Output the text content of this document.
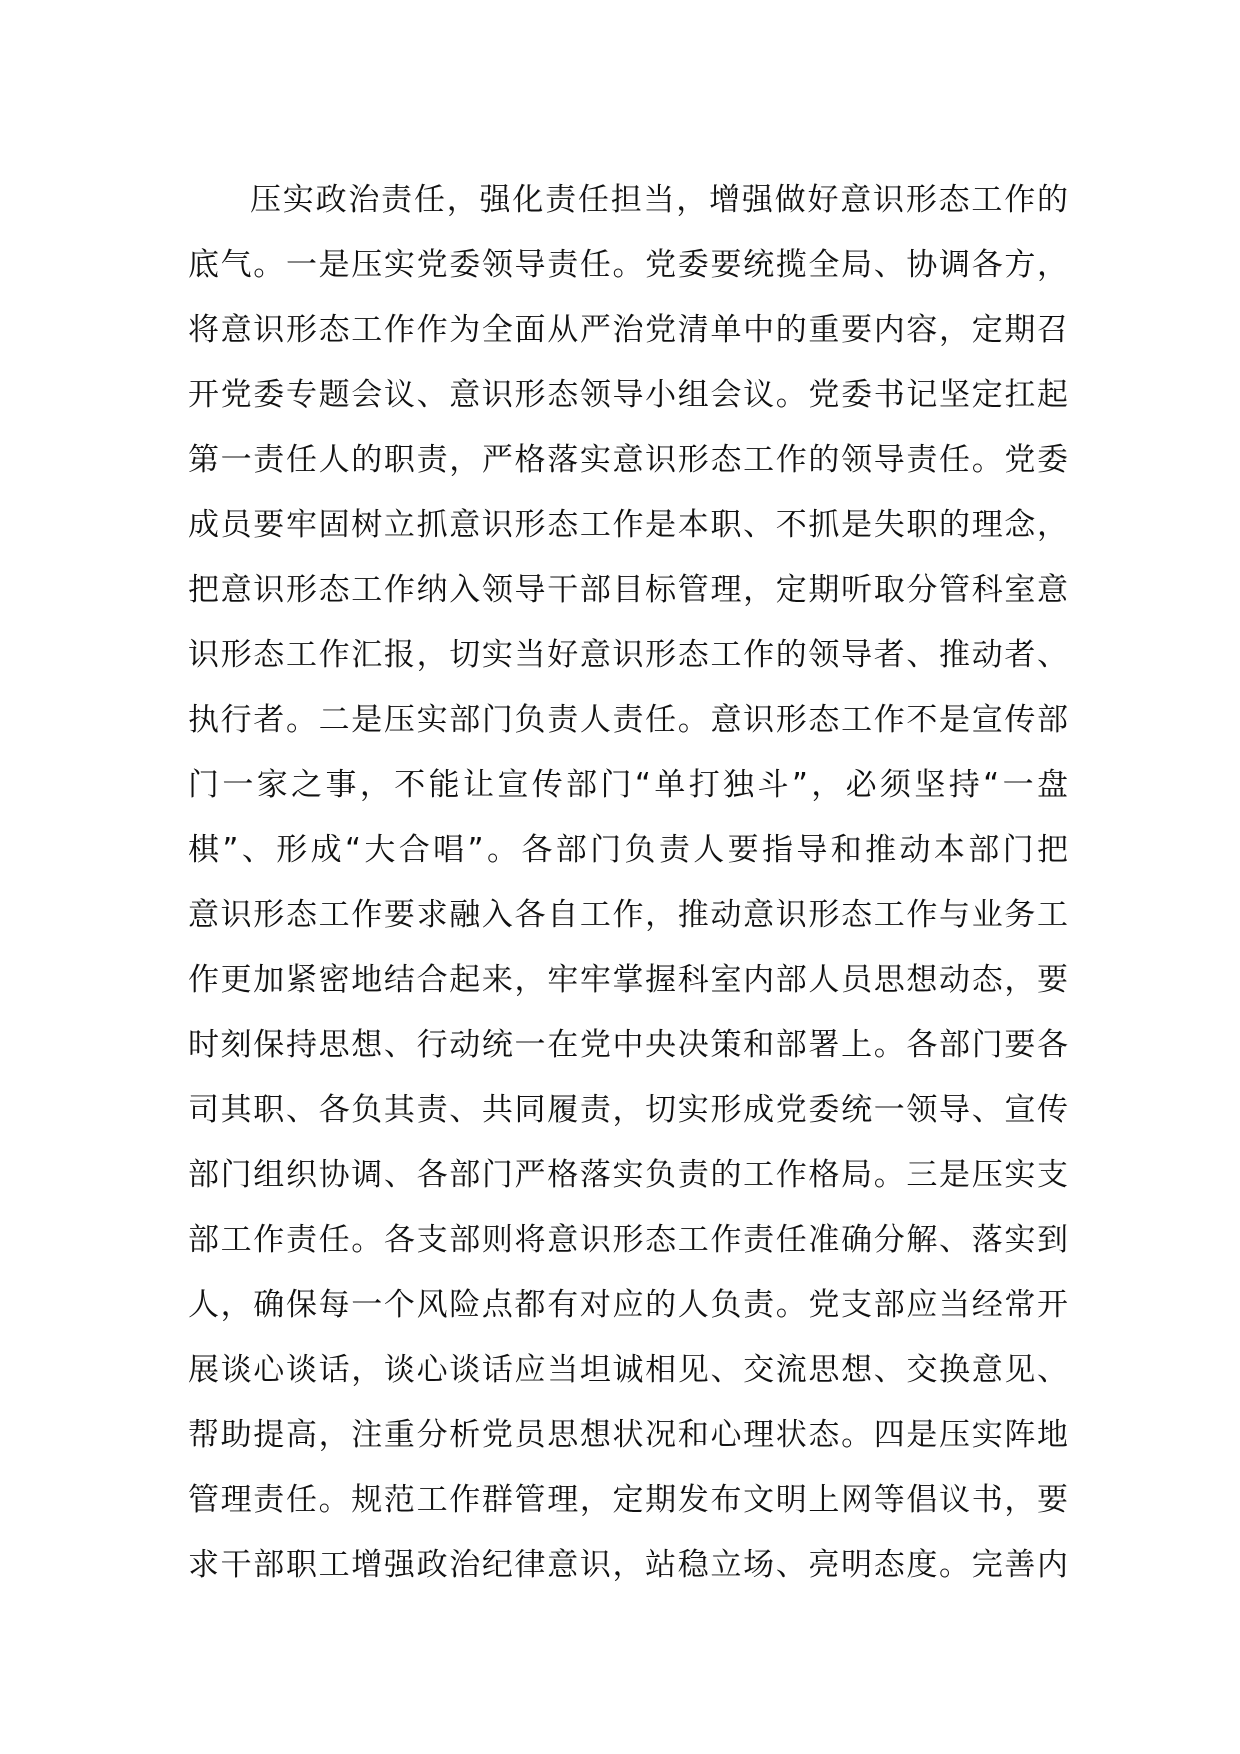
压实政治责任，强化责任担当，增强做好意识形态工作的
底气。一是压实党委领导责任。党委要统揽全局、协调各方，
将意识形态工作作为全面从严治党清单中的重要内容，定期召
开党委专题会议、意识形态领导小组会议。党委书记坚定扛起
第一责任人的职责，严格落实意识形态工作的领导责任。党委
成员要牢固树立抓意识形态工作是本职、不抓是失职的理念，
把意识形态工作纳入领导干部目标管理，定期听取分管科室意
识形态工作汇报，切实当好意识形态工作的领导者、推动者、
执行者。二是压实部门负责人责任。意识形态工作不是宣传部
门一家之事，不能让宣传部门“单打独斗”，必须坚持“一盘
棋”、形成“大合唱”。各部门负责人要指导和推动本部门把
意识形态工作要求融入各自工作，推动意识形态工作与业务工
作更加紧密地结合起来，牢牢掌握科室内部人员思想动态，要
时刻保持思想、行动统一在党中央决策和部署上。各部门要各
司其职、各负其责、共同履责，切实形成党委统一领导、宣传
部门组织协调、各部门严格落实负责的工作格局。三是压实支
部工作责任。各支部则将意识形态工作责任准确分解、落实到
人，确保每一个风险点都有对应的人负责。党支部应当经常开
展谈心谈话，谈心谈话应当坦诚相见、交流思想、交换意见、
帮助提高，注重分析党员思想状况和心理状态。四是压实阵地
管理责任。规范工作群管理，定期发布文明上网等倡议书，要
求干部职工增强政治纪律意识，站稳立场、亮明态度。完善内
